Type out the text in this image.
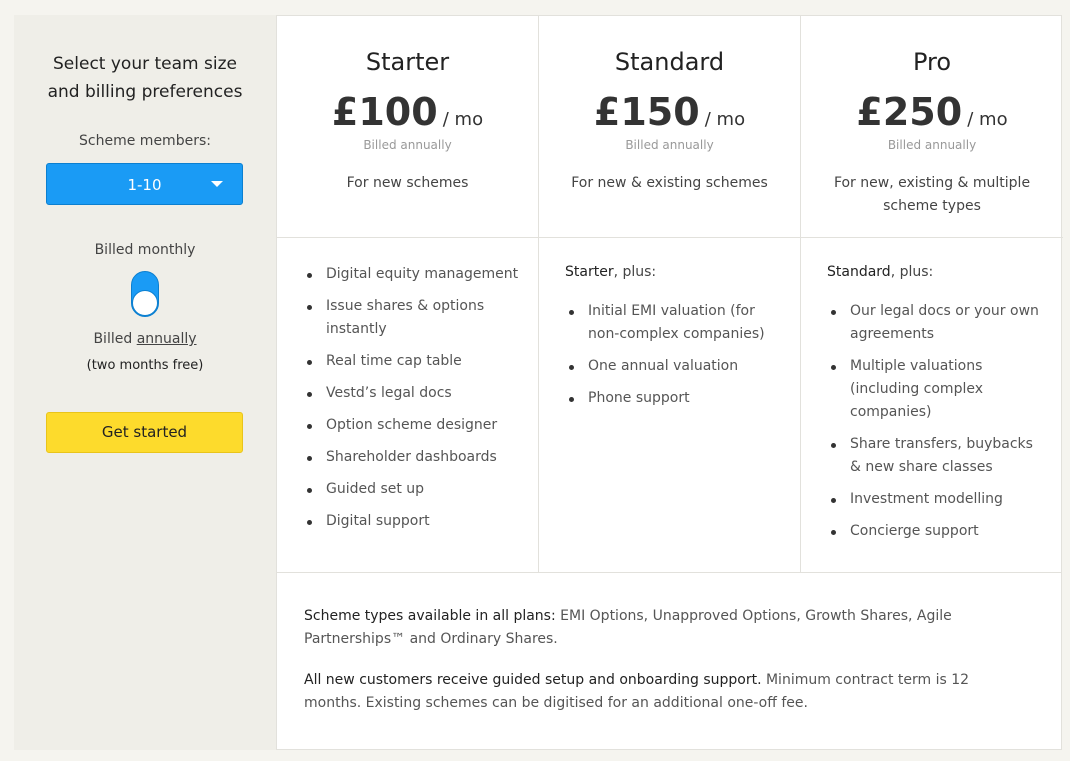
Select your team size
and billing preferences
Scheme members:
1-10
Billed monthly
Billed annually
(two months free)
Get started
Starter
£100 / mo
Billed annually
For new schemes
Digital equity management
Issue shares & options instantly
Real time cap table
Vestd’s legal docs
Option scheme designer
Shareholder dashboards
Guided set up
Digital support
Standard
£150 / mo
Billed annually
For new & existing schemes
Starter, plus:
Initial EMI valuation (for non-complex companies)
One annual valuation
Phone support
Pro
£250 / mo
Billed annually
For new, existing & multiple scheme types
Standard, plus:
Our legal docs or your own agreements
Multiple valuations (including complex companies)
Share transfers, buybacks & new share classes
Investment modelling
Concierge support
Scheme types available in all plans: EMI Options, Unapproved Options, Growth Shares, Agile Partnerships™ and Ordinary Shares.
All new customers receive guided setup and onboarding support. Minimum contract term is 12 months. Existing schemes can be digitised for an additional one-off fee.
